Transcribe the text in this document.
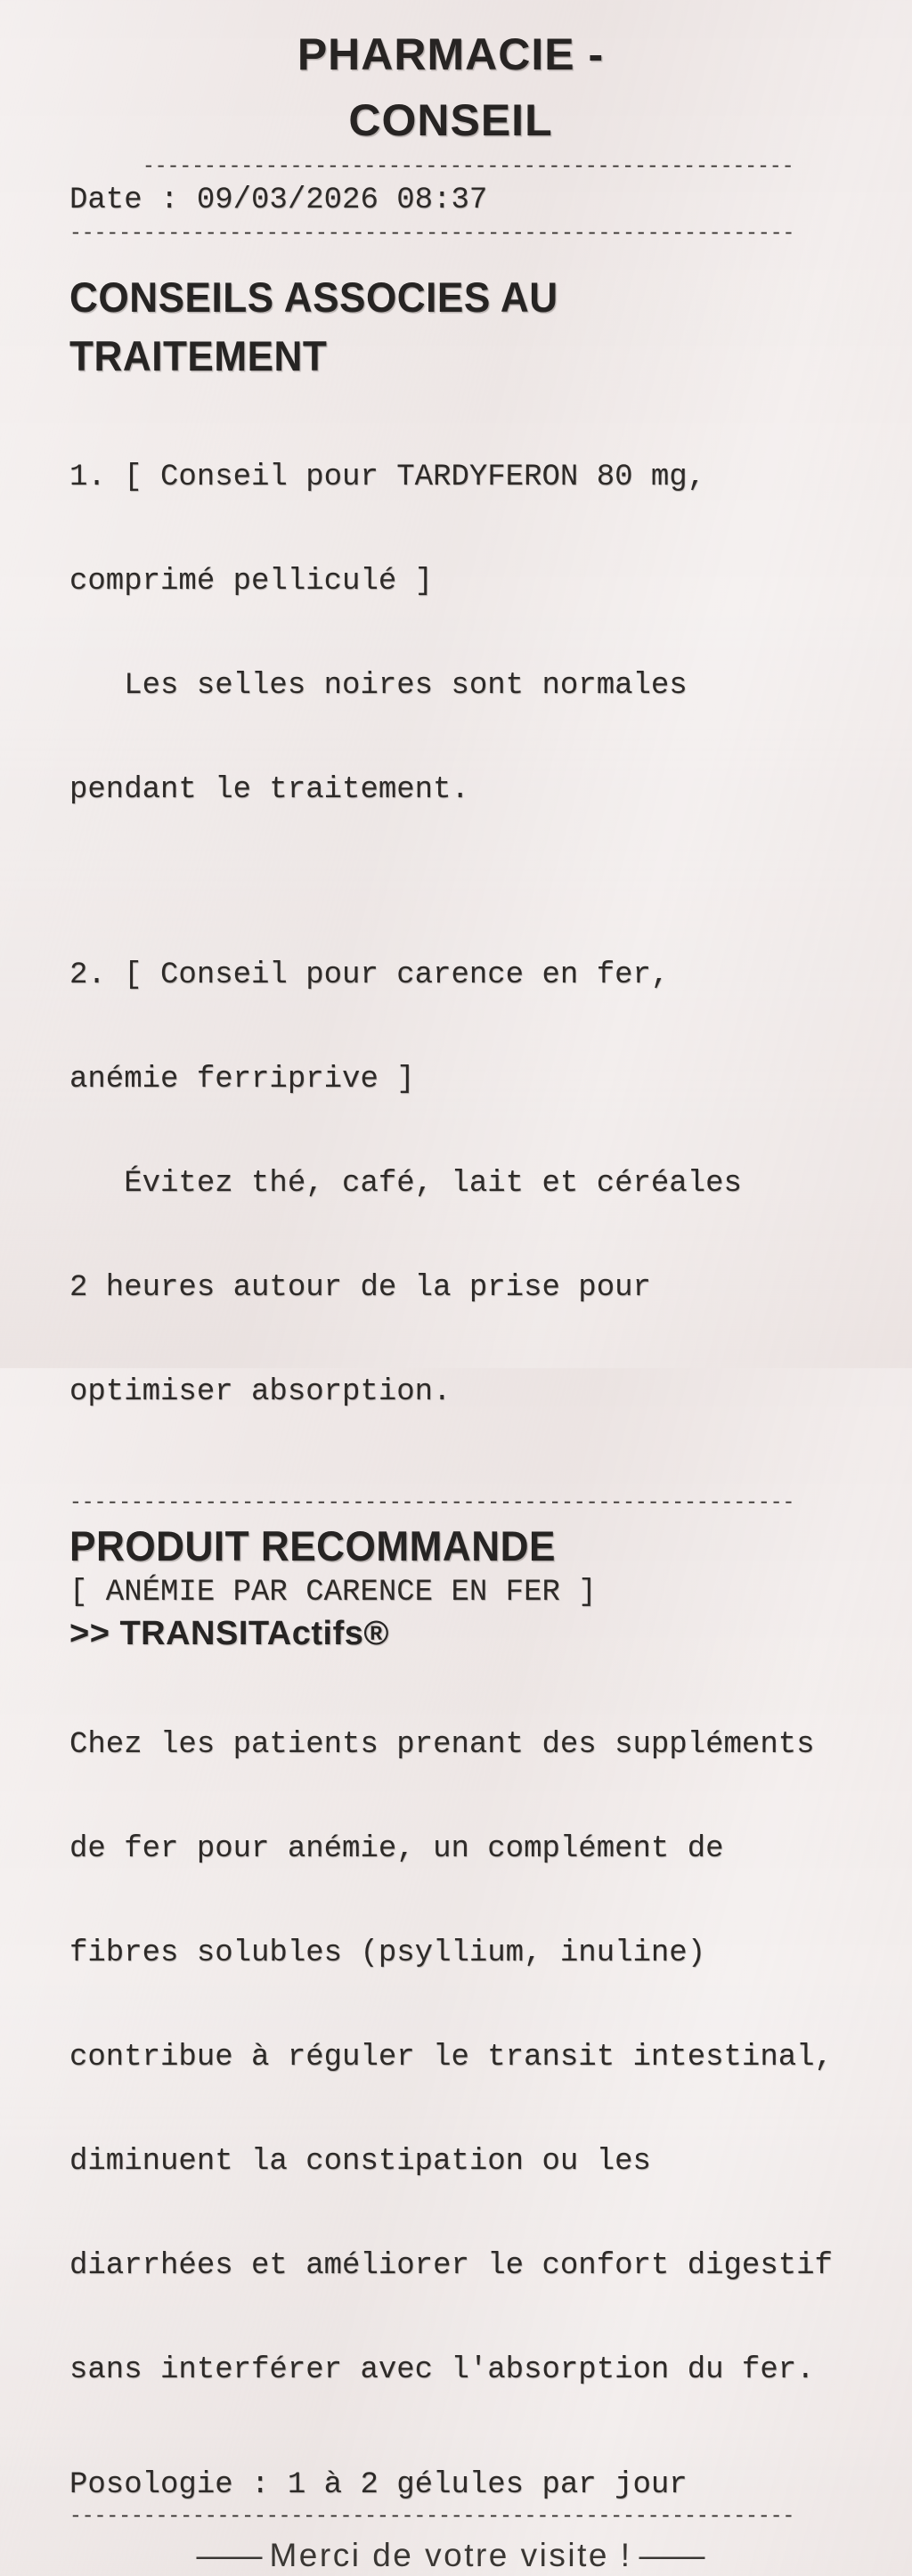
PHARMACIE -
CONSEIL
-----------------------------------------------------
Date : 09/03/2026 08:37
-----------------------------------------------------------
CONSEILS ASSOCIES AU
TRAITEMENT

1. [ Conseil pour TARDYFERON 80 mg,

comprimé pelliculé ]

Les selles noires sont normales

pendant le traitement.

2. [ Conseil pour carence en fer,

anémie ferriprive ]

Évitez thé, café, lait et céréales

2 heures autour de la prise pour

optimiser absorption.

-----------------------------------------------------------
PRODUIT RECOMMANDE
[ ANÉMIE PAR CARENCE EN FER ]
>> TRANSITActifs®

Chez les patients prenant des suppléments

de fer pour anémie, un complément de

fibres solubles (psyllium, inuline)

contribue à réguler le transit intestinal,

diminuent la constipation ou les

diarrhées et améliorer le confort digestif

sans interférer avec l'absorption du fer.

Posologie : 1 à 2 gélules par jour
-----------------------------------------------------------
—— Merci de votre visite ! ——
